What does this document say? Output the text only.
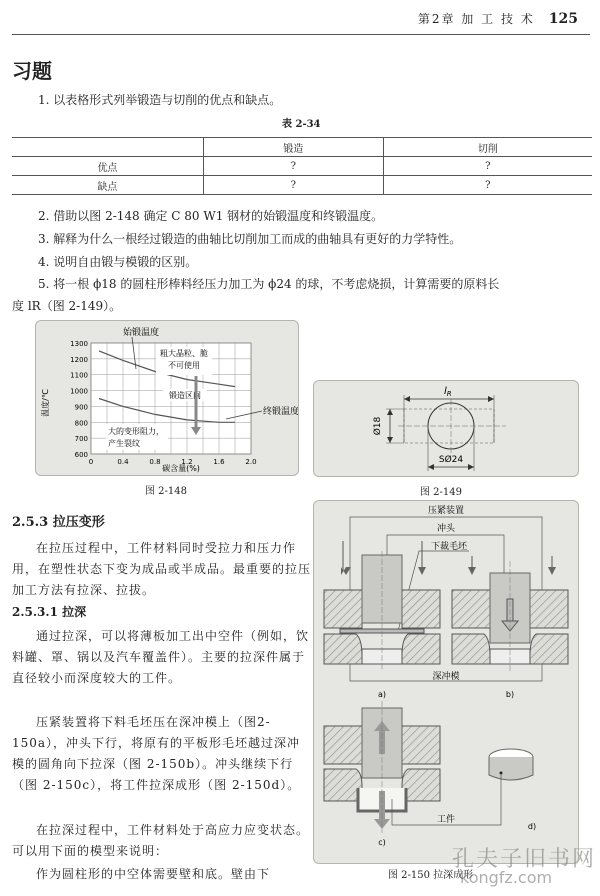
第2章 加 工 技 术 125
习题
1. 以表格形式列举锻造与切削的优点和缺点。
表 2-34
	锻造	切削
优点	?	?
缺点	?	?
2. 借助以图 2-148 确定 C 80 W1 钢材的始锻温度和终锻温度。
3. 解释为什么一根经过锻造的曲轴比切削加工而成的曲轴具有更好的力学特性。
4. 说明自由锻与模锻的区别。
5. 将一根 ϕ18 的圆柱形棒料经压力加工为 ϕ24 的球，不考虑烧损，计算需要的原料长
度 lR（图 2-149）。
600
700
800
900
1000
1100
1200
1300
0	0.4	0.8	1.2	1.6	2.0
始锻温度
终锻温度
粗大晶粒、脆
不可使用
锻造区间
大的变形阻力，
产生裂纹
碳含量(%)
温度/℃
图 2-148
$l_R$
Ø18
SØ24
图 2-149
2.5.3 拉压变形
在拉压过程中，工件材料同时受拉力和压力作用，在塑性状态下变为成品或半成品。最重要的拉压加工方法有拉深、拉拔。
2.5.3.1 拉深
通过拉深，可以将薄板加工出中空件（例如，饮料罐、罩、锅以及汽车覆盖件）。主要的拉深件属于直径较小而深度较大的工件。
压紧装置将下料毛坯压在深冲模上（图2-150a），冲头下行，将原有的平板形毛坯越过深冲模的圆角向下拉深（图 2-150b）。冲头继续下行（图 2-150c），将工件拉深成形（图 2-150d）。
在拉深过程中，工件材料处于高应力应变状态。可以用下面的模型来说明：
作为圆柱形的中空体需要壁和底。壁由下
压紧装置
冲头
下裁毛坯
深冲模
a)	b)
工件
c)
d)
图 2-150 拉深成形
孔夫子旧书网
kongfz.com
